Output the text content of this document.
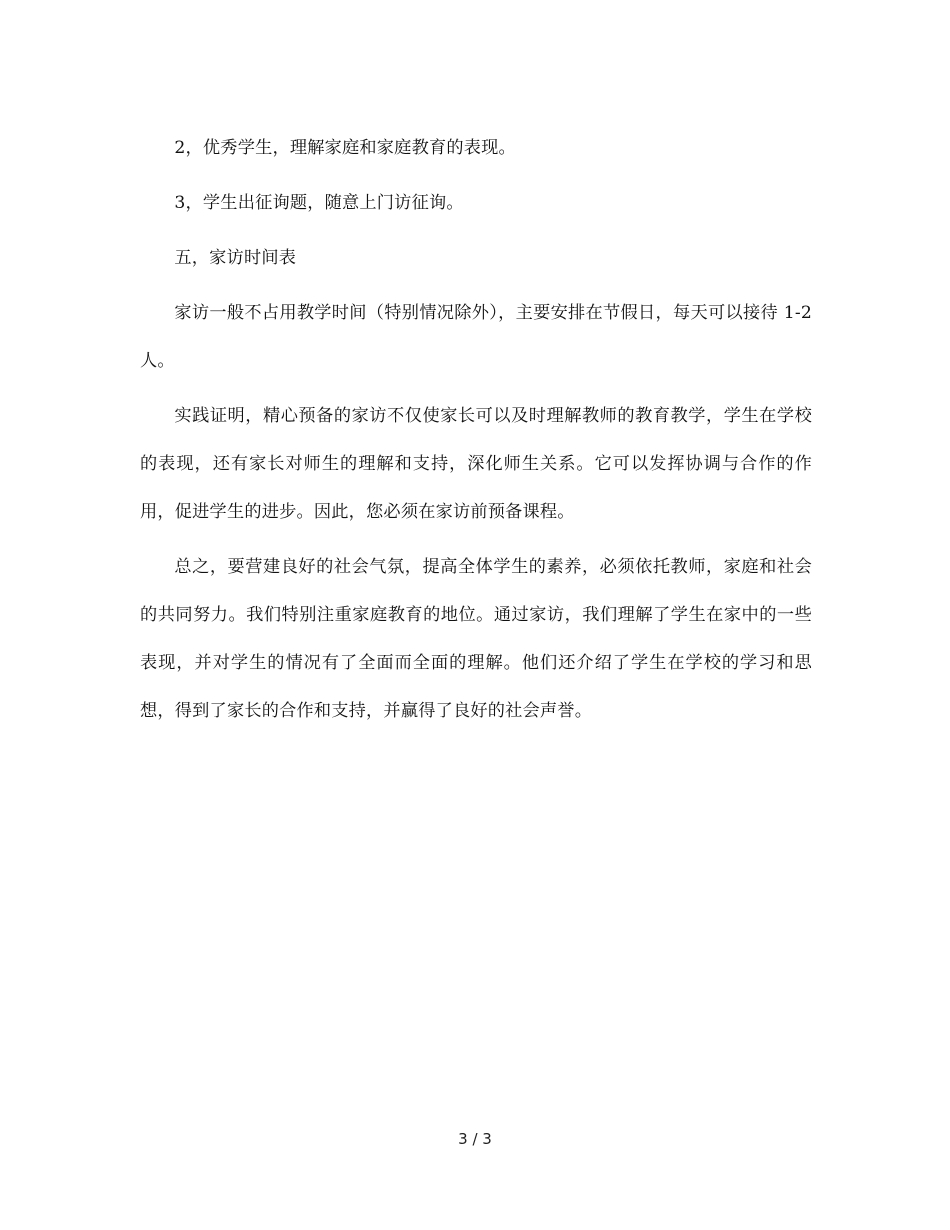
2，优秀学生，理解家庭和家庭教育的表现。

3，学生出征询题，随意上门访征询。

五，家访时间表

家访一般不占用教学时间（特别情况除外），主要安排在节假日，每天可以接待 1-2 人。

实践证明，精心预备的家访不仅使家长可以及时理解教师的教育教学，学生在学校的表现，还有家长对师生的理解和支持，深化师生关系。它可以发挥协调与合作的作用，促进学生的进步。因此，您必须在家访前预备课程。

总之，要营建良好的社会气氛，提高全体学生的素养，必须依托教师，家庭和社会的共同努力。我们特别注重家庭教育的地位。通过家访，我们理解了学生在家中的一些表现，并对学生的情况有了全面而全面的理解。他们还介绍了学生在学校的学习和思想，得到了家长的合作和支持，并赢得了良好的社会声誉。

3 / 3
